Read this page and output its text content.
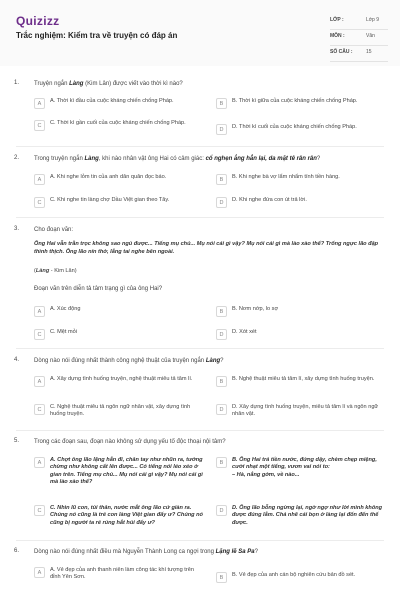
Quizizz
Trắc nghiệm: Kiểm tra về truyện có đáp án
LỚP :	Lớp 9
MÔN :	Văn
SỐ CÂU :	15
1. Truyện ngắn Làng (Kim Lân) được viết vào thời kì nào?
A	A. Thời kì đầu của cuộc kháng chiến chống Pháp.	B	B. Thời kì giữa của cuộc kháng chiến chống Pháp.
C	C. Thời kì gần cuối của cuộc kháng chiến chống Pháp.
D	D. Thời kì cuối của cuộc kháng chiến chống Pháp.
2. Trong truyện ngắn Làng, khi nào nhân vật ông Hai có cảm giác: cổ nghẹn ắng hẳn lại, da mặt tê rân rân?
A	A. Khi nghe lỏm tin của anh dân quân đọc báo.	B	B. Khi nghe bà vợ lẩm nhẩm tính tiền hàng.
C	C. Khi nghe tin làng chợ Dầu Việt gian theo Tây.	D	D. Khi nghe đứa con út trả lời.
3. Cho đoạn văn:
Ông Hai vẫn trằn trọc không sao ngủ được... Tiếng mụ chủ... Mụ nói cái gì vậy? Mụ nói cái gì mà lào xào thế? Trống ngực lão đập thình thịch. Ông lão nín thở, lắng tai nghe bên ngoài.
(Làng - Kim Lân)
Đoạn văn trên diễn tả tâm trạng gì của ông Hai?
A	A. Xúc động	B	B. Nơm nớp, lo sợ
C	C. Mệt mỏi	D	D. Xót xét
4. Dòng nào nói đúng nhất thành công nghệ thuật của truyện ngắn Làng?
A	A. Xây dựng tình huống truyện, nghệ thuật miêu tả tâm lí.	B	B. Nghệ thuật miêu tả tâm lí, xây dựng tình huống truyện.
C	C. Nghệ thuật miêu tả ngôn ngữ nhân vật, xây dựng tình huống truyện.
D	D. Xây dựng tình huống truyện, miêu tả tâm lí và ngôn ngữ nhân vật.
5. Trong các đoạn sau, đoạn nào không sử dụng yếu tố độc thoại nội tâm?
A	A. Chợt ông lão lặng hẳn đi, chân tay như nhũn ra, tưởng chừng như không cất lên được... Có tiếng nói léo xéo ở gian trên. Tiếng mụ chủ... Mụ nói cái gì vậy? Mụ nói cái gì mà lào xào thế?
B	B. Ông Hai trả tiền nước, đứng dậy, chèm chẹp miệng, cười nhạt một tiếng, vươn vai nói to:
– Hà, nắng gớm, về nào...
C	C. Nhìn lũ con, tủi thân, nước mắt ông lão cứ giàn ra. Chúng nó cũng là trẻ con làng Việt gian đấy ư? Chúng nó cũng bị người ta rẻ rúng hắt hủi đấy ư?
D	D. Ông lão bỗng ngừng lại, ngờ ngợ như lời mình không được đúng lắm. Chả nhẽ cái bọn ở làng lại đốn đến thế được.
6. Dòng nào nói đúng nhất điều mà Nguyễn Thành Long ca ngợi trong Lặng lẽ Sa Pa?
A	A. Vẻ đẹp của anh thanh niên làm công tác khí tượng trên đỉnh Yên Sơn.	B	B. Vẻ đẹp của anh cán bộ nghiên cứu bản đồ sét.
